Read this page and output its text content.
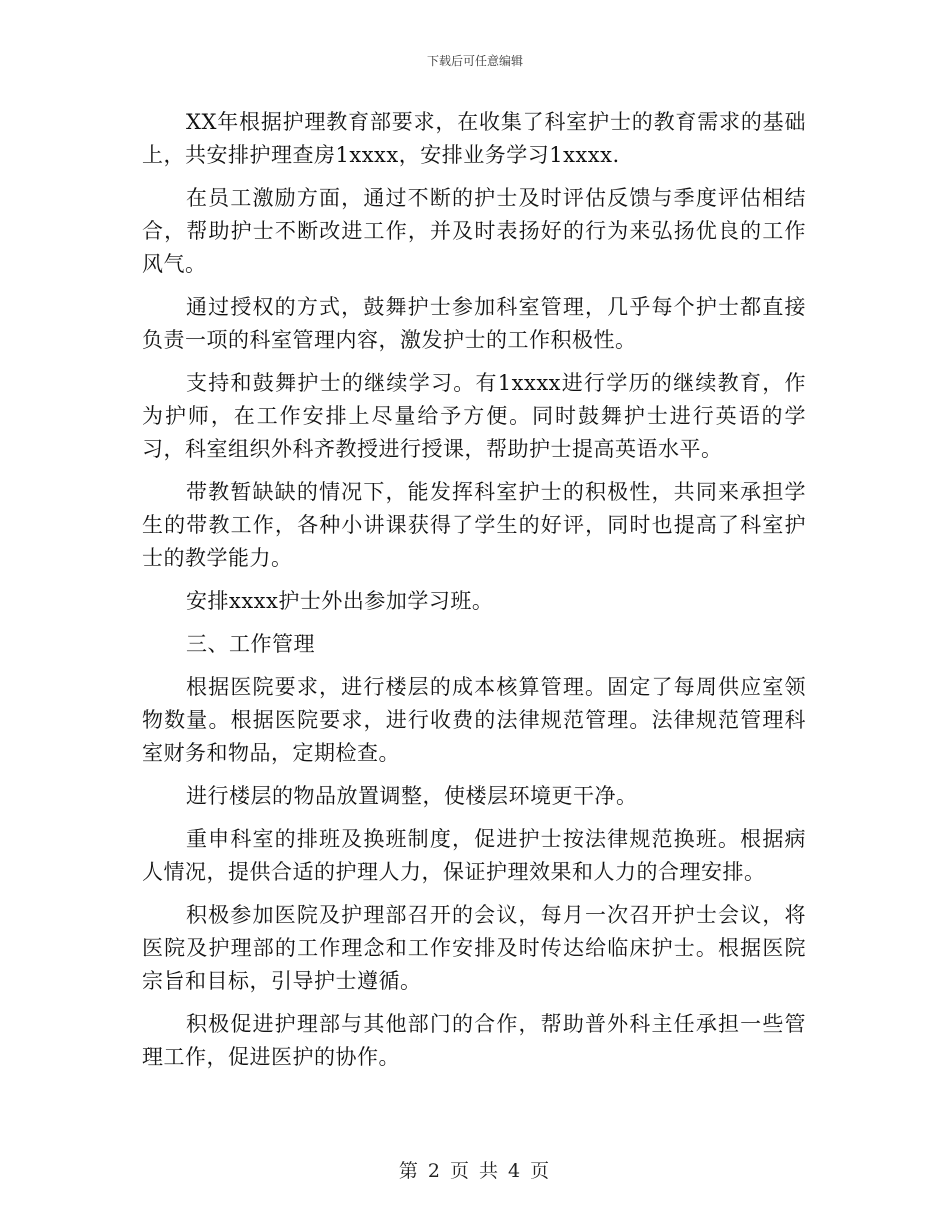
下载后可任意编辑

XX年根据护理教育部要求，在收集了科室护士的教育需求的基础上，共安排护理查房1xxxx，安排业务学习1xxxx.

在员工激励方面，通过不断的护士及时评估反馈与季度评估相结合，帮助护士不断改进工作，并及时表扬好的行为来弘扬优良的工作风气。

通过授权的方式，鼓舞护士参加科室管理，几乎每个护士都直接负责一项的科室管理内容，激发护士的工作积极性。

支持和鼓舞护士的继续学习。有1xxxx进行学历的继续教育，作为护师，在工作安排上尽量给予方便。同时鼓舞护士进行英语的学习，科室组织外科齐教授进行授课，帮助护士提高英语水平。

带教暂缺缺的情况下，能发挥科室护士的积极性，共同来承担学生的带教工作，各种小讲课获得了学生的好评，同时也提高了科室护士的教学能力。

安排xxxx护士外出参加学习班。

三、工作管理

根据医院要求，进行楼层的成本核算管理。固定了每周供应室领物数量。根据医院要求，进行收费的法律规范管理。法律规范管理科室财务和物品，定期检查。

进行楼层的物品放置调整，使楼层环境更干净。

重申科室的排班及换班制度，促进护士按法律规范换班。根据病人情况，提供合适的护理人力，保证护理效果和人力的合理安排。

积极参加医院及护理部召开的会议，每月一次召开护士会议，将医院及护理部的工作理念和工作安排及时传达给临床护士。根据医院宗旨和目标，引导护士遵循。

积极促进护理部与其他部门的合作，帮助普外科主任承担一些管理工作，促进医护的协作。

第 2 页 共 4 页
